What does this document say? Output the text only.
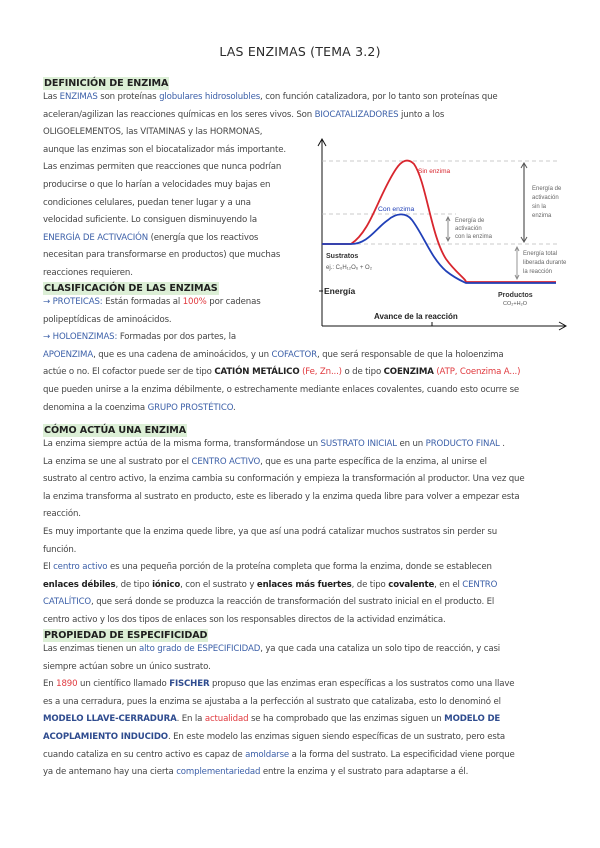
LAS ENZIMAS (TEMA 3.2)
DEFINICIÓN DE ENZIMA
Las ENZIMAS son proteínas globulares hidrosolubles, con función catalizadora, por lo tanto son proteínas que
aceleran/agilizan las reacciones químicas en los seres vivos. Son BIOCATALIZADORES junto a los
OLIGOELEMENTOS, las VITAMINAS y las HORMONAS,
aunque las enzimas son el biocatalizador más importante.
Las enzimas permiten que reacciones que nunca podrían
producirse o que lo harían a velocidades muy bajas en
condiciones celulares, puedan tener lugar y a una
velocidad suficiente. Lo consiguen disminuyendo la
ENERGÍA DE ACTIVACIÓN (energía que los reactivos
necesitan para transformarse en productos) que muchas
reacciones requieren.
Sin enzima
Con enzima
Energía de
activación
con la enzima
Energía de
activación
sin la
enzima
Energía total
liberada durante
la reacción
Sustratos
ej.: C₆H₁₂O₆ + O₂
Energía
Avance de la reacción
Productos
CO₂+H₂O
CLASIFICACIÓN DE LAS ENZIMAS
→ PROTEICAS: Están formadas al 100% por cadenas
polipeptídicas de aminoácidos.
→ HOLOENZIMAS: Formadas por dos partes, la
APOENZIMA, que es una cadena de aminoácidos, y un COFACTOR, que será responsable de que la holoenzima
actúe o no. El cofactor puede ser de tipo CATIÓN METÁLICO (Fe, Zn...) o de tipo COENZIMA (ATP, Coenzima A...)
que pueden unirse a la enzima débilmente, o estrechamente mediante enlaces covalentes, cuando esto ocurre se
denomina a la coenzima GRUPO PROSTÉTICO.
CÓMO ACTÚA UNA ENZIMA
La enzima siempre actúa de la misma forma, transformándose un SUSTRATO INICIAL en un PRODUCTO FINAL .
La enzima se une al sustrato por el CENTRO ACTIVO, que es una parte específica de la enzima, al unirse el
sustrato al centro activo, la enzima cambia su conformación y empieza la transformación al productor. Una vez que
la enzima transforma al sustrato en producto, este es liberado y la enzima queda libre para volver a empezar esta
reacción.
Es muy importante que la enzima quede libre, ya que así una podrá catalizar muchos sustratos sin perder su
función.
El centro activo es una pequeña porción de la proteína completa que forma la enzima, donde se establecen
enlaces débiles, de tipo iónico, con el sustrato y enlaces más fuertes, de tipo covalente, en el CENTRO
CATALÍTICO, que será donde se produzca la reacción de transformación del sustrato inicial en el producto. El
centro activo y los dos tipos de enlaces son los responsables directos de la actividad enzimática.
PROPIEDAD DE ESPECIFICIDAD
Las enzimas tienen un alto grado de ESPECIFICIDAD, ya que cada una cataliza un solo tipo de reacción, y casi
siempre actúan sobre un único sustrato.
En 1890 un científico llamado FISCHER propuso que las enzimas eran específicas a los sustratos como una llave
es a una cerradura, pues la enzima se ajustaba a la perfección al sustrato que catalizaba, esto lo denominó el
MODELO LLAVE-CERRADURA. En la actualidad se ha comprobado que las enzimas siguen un MODELO DE
ACOPLAMIENTO INDUCIDO. En este modelo las enzimas siguen siendo específicas de un sustrato, pero esta
cuando cataliza en su centro activo es capaz de amoldarse a la forma del sustrato. La especificidad viene porque
ya de antemano hay una cierta complementariedad entre la enzima y el sustrato para adaptarse a él.
